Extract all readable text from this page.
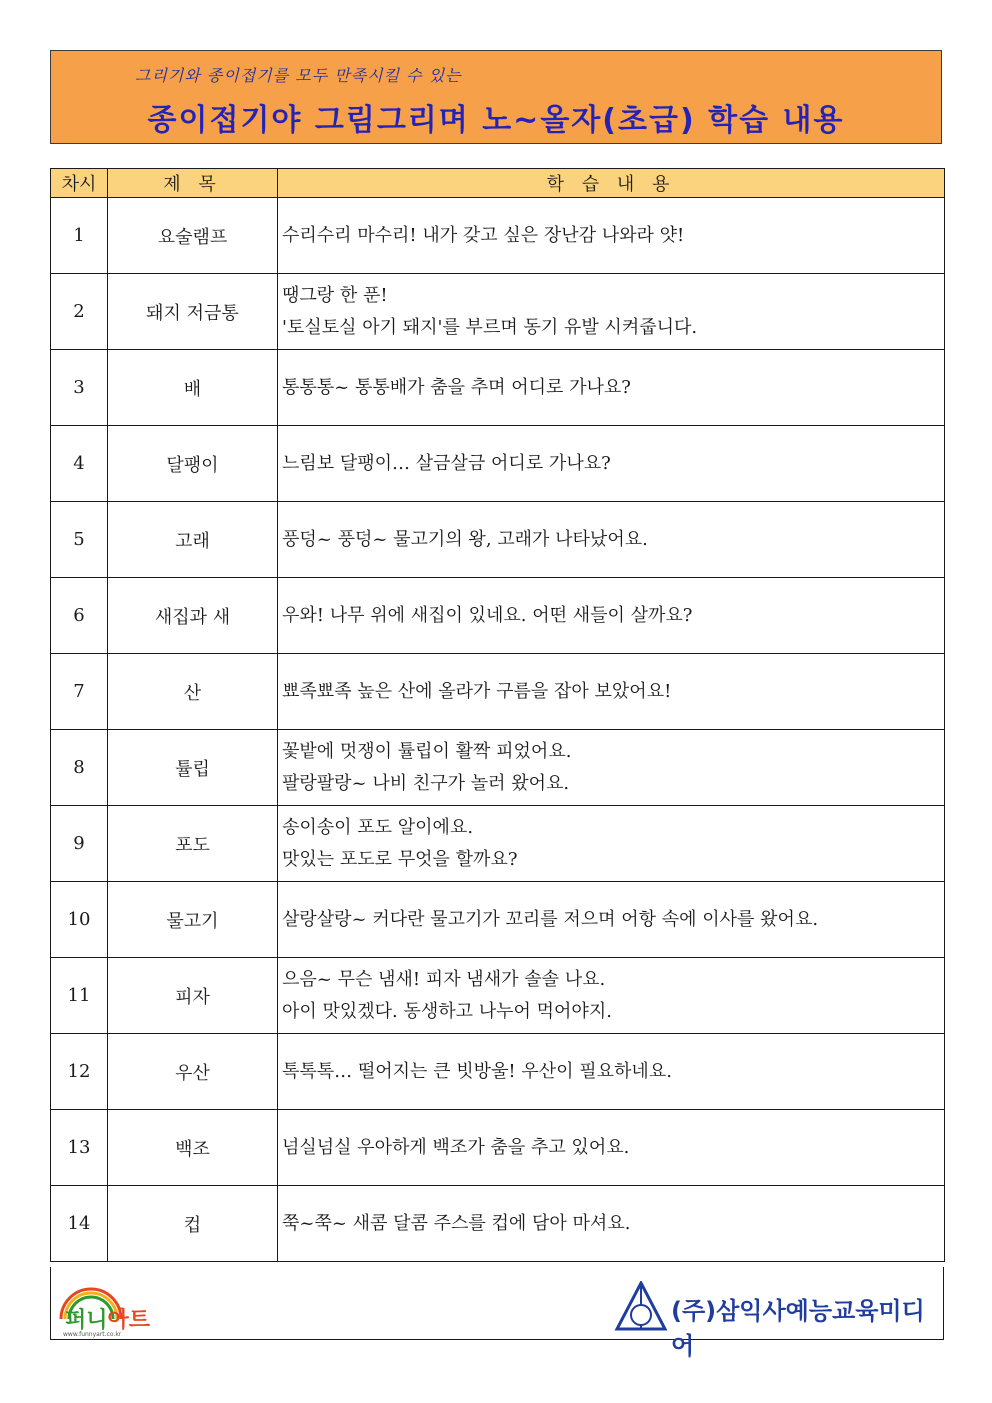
그리기와 종이접기를 모두 만족시킬 수 있는
종이접기야 그림그리며 노~올자(초급) 학습 내용
차시	제 목	학 습 내 용
1	요술램프	수리수리 마수리! 내가 갖고 싶은 장난감 나와라 얏!

2	돼지 저금통	땡그랑 한 푼!
'토실토실 아기 돼지'를 부르며 동기 유발 시켜줍니다.

3	배	통통통~ 통통배가 춤을 추며 어디로 가나요?

4	달팽이	느림보 달팽이… 살금살금 어디로 가나요?

5	고래	풍덩~ 풍덩~ 물고기의 왕, 고래가 나타났어요.

6	새집과 새	우와! 나무 위에 새집이 있네요. 어떤 새들이 살까요?

7	산	뾰족뾰족 높은 산에 올라가 구름을 잡아 보았어요!

8	튤립	꽃밭에 멋쟁이 튤립이 활짝 피었어요.
팔랑팔랑~ 나비 친구가 놀러 왔어요.

9	포도	송이송이 포도 알이에요.
맛있는 포도로 무엇을 할까요?

10	물고기	살랑살랑~ 커다란 물고기가 꼬리를 저으며 어항 속에 이사를 왔어요.

11	피자	으음~ 무슨 냄새! 피자 냄새가 솔솔 나요.
아이 맛있겠다. 동생하고 나누어 먹어야지.

12	우산	톡톡톡… 떨어지는 큰 빗방울! 우산이 필요하네요.

13	백조	넘실넘실 우아하게 백조가 춤을 추고 있어요.

14	컵	쭉~쭉~ 새콤 달콤 주스를 컵에 담아 마셔요.
퍼니아트
www.funnyart.co.kr
(주)삼익사예능교육미디어
